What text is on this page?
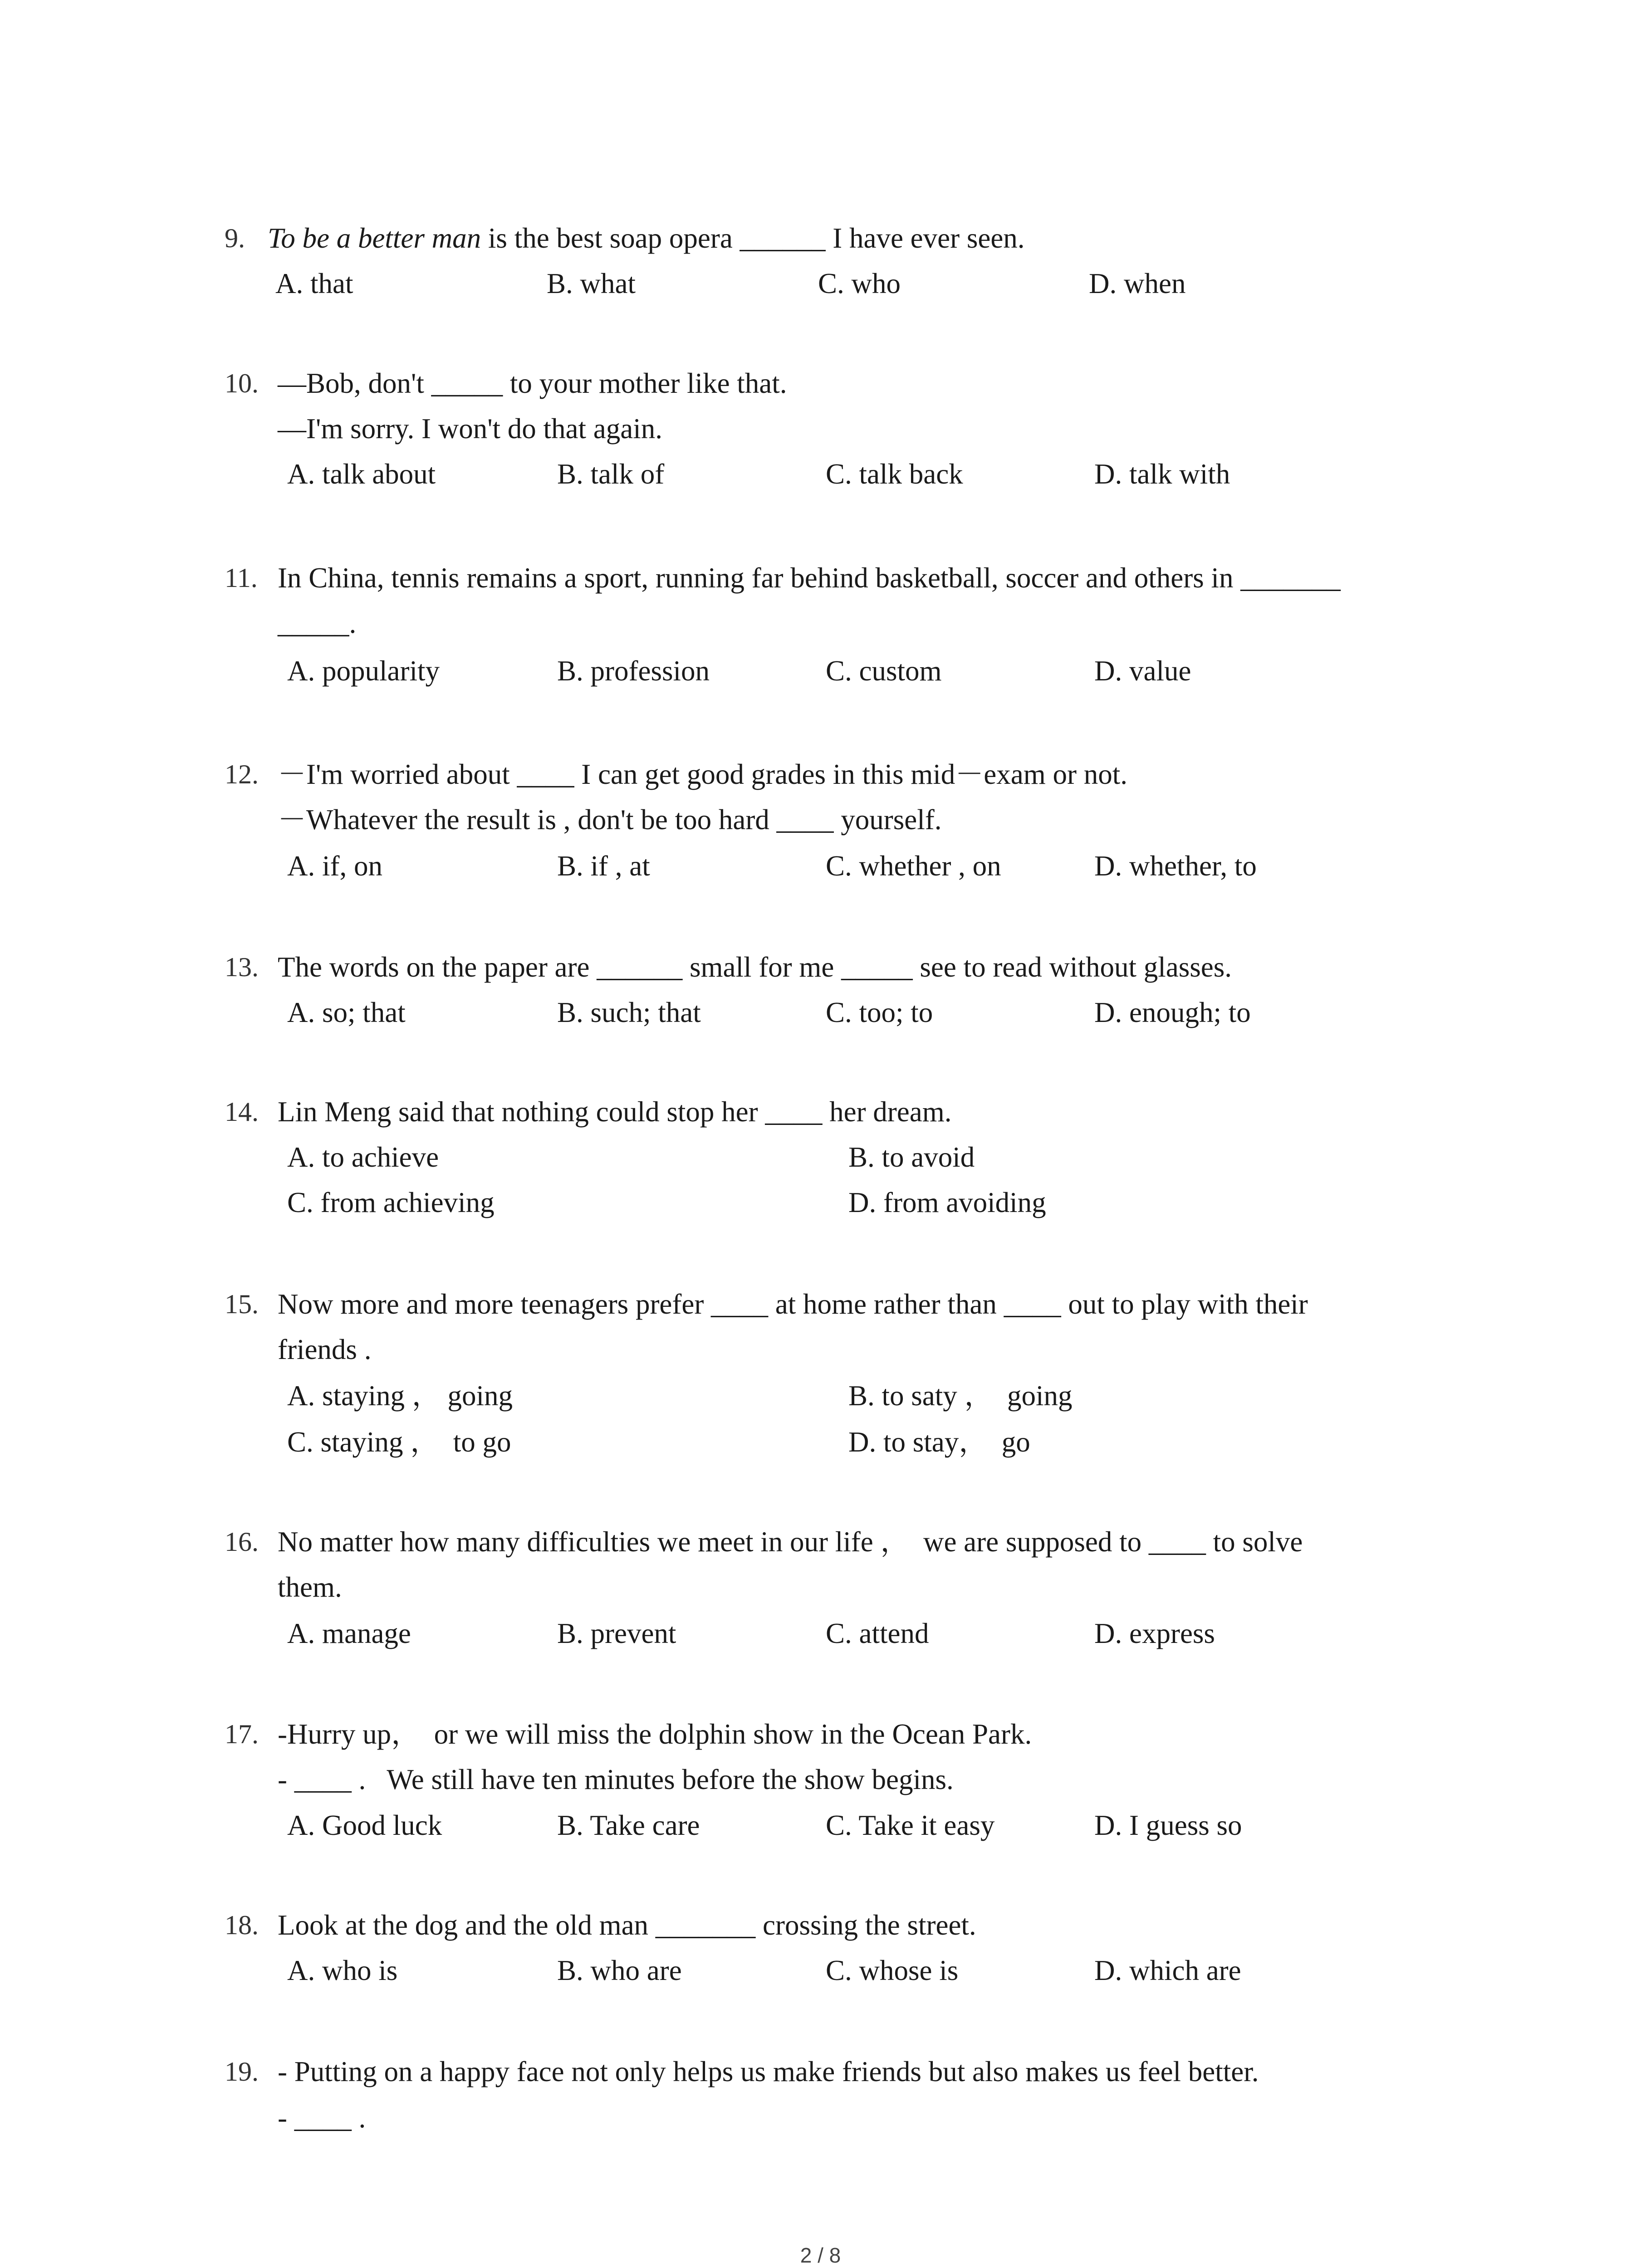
9. To be a better man is the best soap opera ______ I have ever seen.
A. that	B. what	C. who	D. when
10. —Bob, don't _____ to your mother like that.
—I'm sorry. I won't do that again.
A. talk about	B. talk of	C. talk back	D. talk with
11. In China, tennis remains a sport, running far behind basketball, soccer and others in _______
_____.
A. popularity	B. profession	C. custom	D. value
12. －I'm worried about ____ I can get good grades in this mid－exam or not.
－Whatever the result is , don't be too hard ____ yourself.
A. if, on	B. if , at	C. whether , on	D. whether, to
13. The words on the paper are ______ small for me _____ see to read without glasses.
A. so; that	B. such; that	C. too; to	D. enough; to
14. Lin Meng said that nothing could stop her ____ her dream.
A. to achieve	B. to avoid
C. from achieving	D. from avoiding
15. Now more and more teenagers prefer ____ at home rather than ____ out to play with their
friends .
A. staying ， going	B. to saty ，  going
C. staying ，  to go	D. to stay，  go
16. No matter how many difficulties we meet in our life ，  we are supposed to ____ to solve
them.
A. manage	B. prevent	C. attend	D. express
17. -Hurry up，  or we will miss the dolphin show in the Ocean Park.
- ____ .   We still have ten minutes before the show begins.
A. Good luck	B. Take care	C. Take it easy	D. I guess so
18. Look at the dog and the old man _______ crossing the street.
A. who is	B. who are	C. whose is	D. which are
19. - Putting on a happy face not only helps us make friends but also makes us feel better.
- ____ .
2 / 8
